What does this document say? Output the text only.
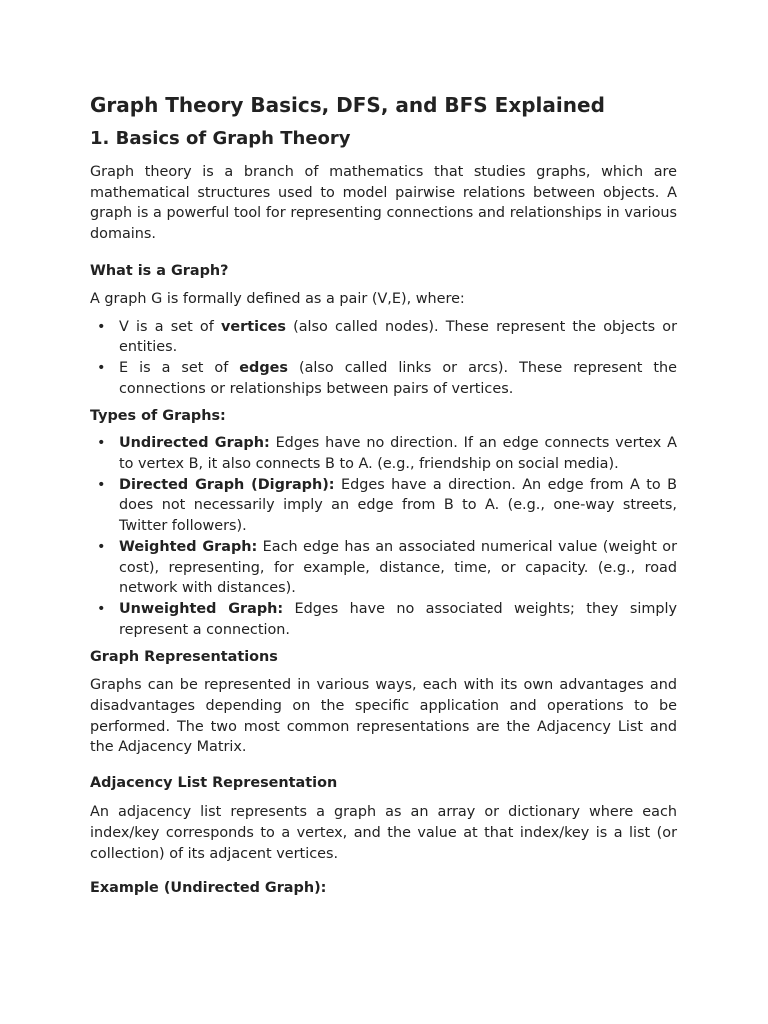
Graph Theory Basics, DFS, and BFS Explained
1. Basics of Graph Theory

Graph theory is a branch of mathematics that studies graphs, which are mathematical structures used to model pairwise relations between objects. A graph is a powerful tool for representing connections and relationships in various domains.

What is a Graph?

A graph G is formally defined as a pair (V,E), where:

• V is a set of vertices (also called nodes). These represent the objects or entities.
• E is a set of edges (also called links or arcs). These represent the connections or relationships between pairs of vertices.
Types of Graphs:
• Undirected Graph: Edges have no direction. If an edge connects vertex A to vertex B, it also connects B to A. (e.g., friendship on social media).
• Directed Graph (Digraph): Edges have a direction. An edge from A to B does not necessarily imply an edge from B to A. (e.g., one-way streets, Twitter followers).
• Weighted Graph: Each edge has an associated numerical value (weight or cost), representing, for example, distance, time, or capacity. (e.g., road network with distances).
• Unweighted Graph: Edges have no associated weights; they simply represent a connection.
Graph Representations

Graphs can be represented in various ways, each with its own advantages and disadvantages depending on the specific application and operations to be performed. The two most common representations are the Adjacency List and the Adjacency Matrix.

Adjacency List Representation

An adjacency list represents a graph as an array or dictionary where each index/key corresponds to a vertex, and the value at that index/key is a list (or collection) of its adjacent vertices.

Example (Undirected Graph):
